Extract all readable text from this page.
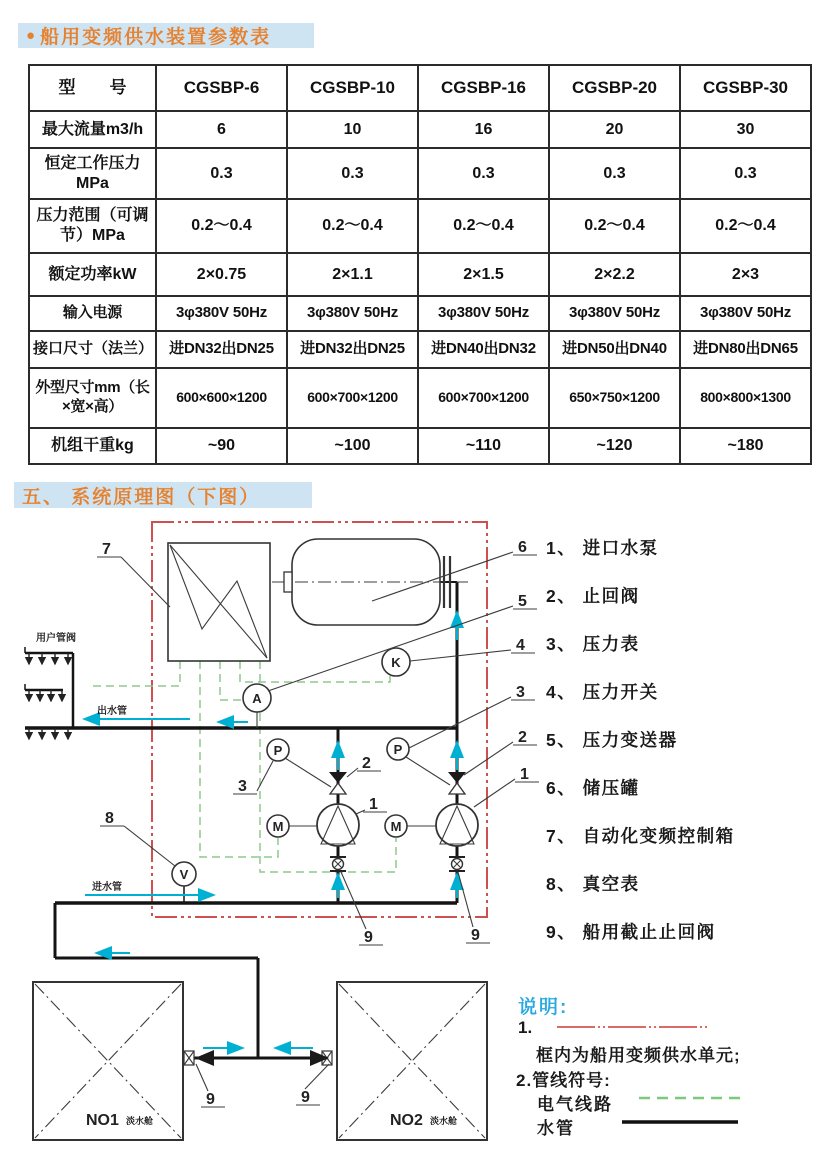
● 船用变频供水装置参数表
型　　号	CGSBP-6	CGSBP-10	CGSBP-16	CGSBP-20	CGSBP-30
最大流量m3/h	6	10	16	20	30
恒定工作压力MPa	0.3	0.3	0.3	0.3	0.3
压力范围（可调节）MPa	0.2～0.4	0.2～0.4	0.2～0.4	0.2～0.4	0.2～0.4
额定功率kW	2×0.75	2×1.1	2×1.5	2×2.2	2×3
输入电源	3φ380V 50Hz	3φ380V 50Hz	3φ380V 50Hz	3φ380V 50Hz	3φ380V 50Hz
接口尺寸（法兰）	进DN32出DN25	进DN32出DN25	进DN40出DN32	进DN50出DN40	进DN80出DN65
外型尺寸mm（长×宽×高）	600×600×1200	600×700×1200	600×700×1200	650×750×1200	800×800×1300
机组干重kg	~90	~100	~110	~120	~180
五、 系统原理图（下图）
用户管阀
NO1 淡水舱	NO2 淡水舱
A
K
P	P
M	M
V
出水管
进水管
7
8
3
2
1
9	9
9	9
6
5
4
3
2
1
1、 进口水泵
2、 止回阀
3、 压力表
4、 压力开关
5、 压力变送器
6、 储压罐
7、 自动化变频控制箱
8、 真空表
9、 船用截止止回阀
说明:
1.
框内为船用变频供水单元;
2.管线符号:
电气线路
水管
